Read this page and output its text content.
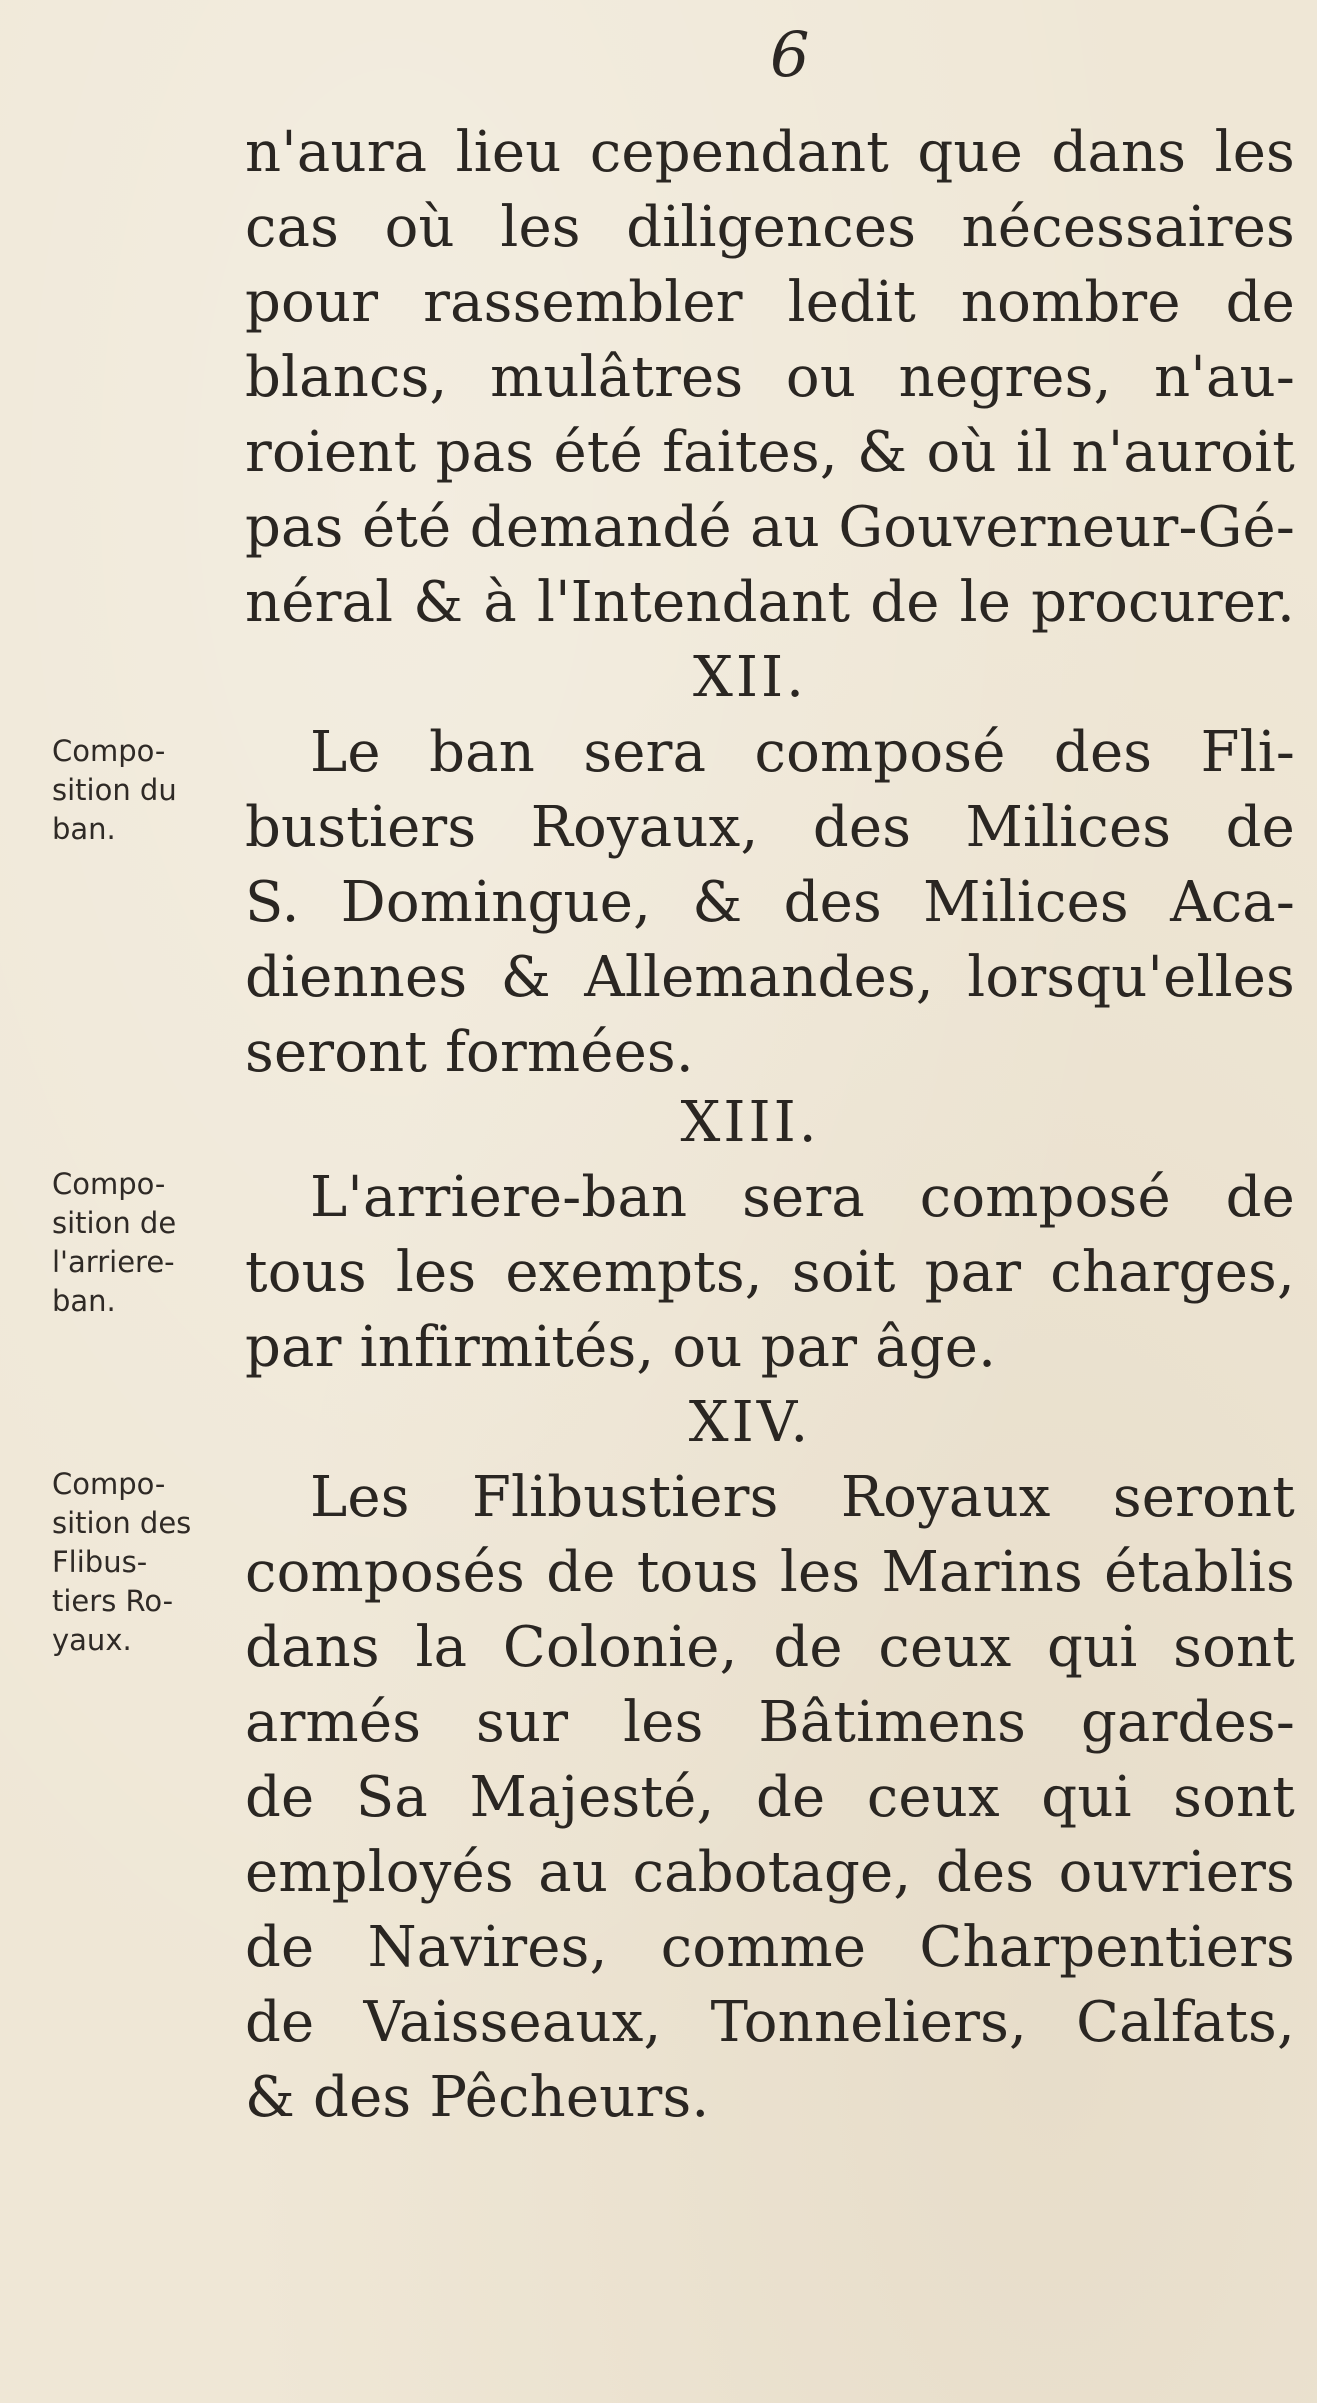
6
n'aura lieu cependant que dans les
cas où les diligences nécessaires
pour rassembler ledit nombre de
blancs, mulâtres ou negres, n'au-
roient pas été faites, & où il n'auroit
pas été demandé au Gouverneur-Gé-
néral & à l'Intendant de le procurer.
XII.
Le ban sera composé des Fli-
bustiers Royaux, des Milices de
S. Domingue, & des Milices Aca-
diennes & Allemandes, lorsqu'elles
seront formées.
Compo-
sition du
ban.
XIII.
L'arriere-ban sera composé de
tous les exempts, soit par charges,
par infirmités, ou par âge.
Compo-
sition de
l'arriere-
ban.
XIV.
Les Flibustiers Royaux seront
composés de tous les Marins établis
dans la Colonie, de ceux qui sont
armés sur les Bâtimens gardes-
de Sa Majesté, de ceux qui sont
employés au cabotage, des ouvriers
de Navires, comme Charpentiers
de Vaisseaux, Tonneliers, Calfats,
& des Pêcheurs.
Compo-
sition des
Flibus-
tiers Ro-
yaux.
